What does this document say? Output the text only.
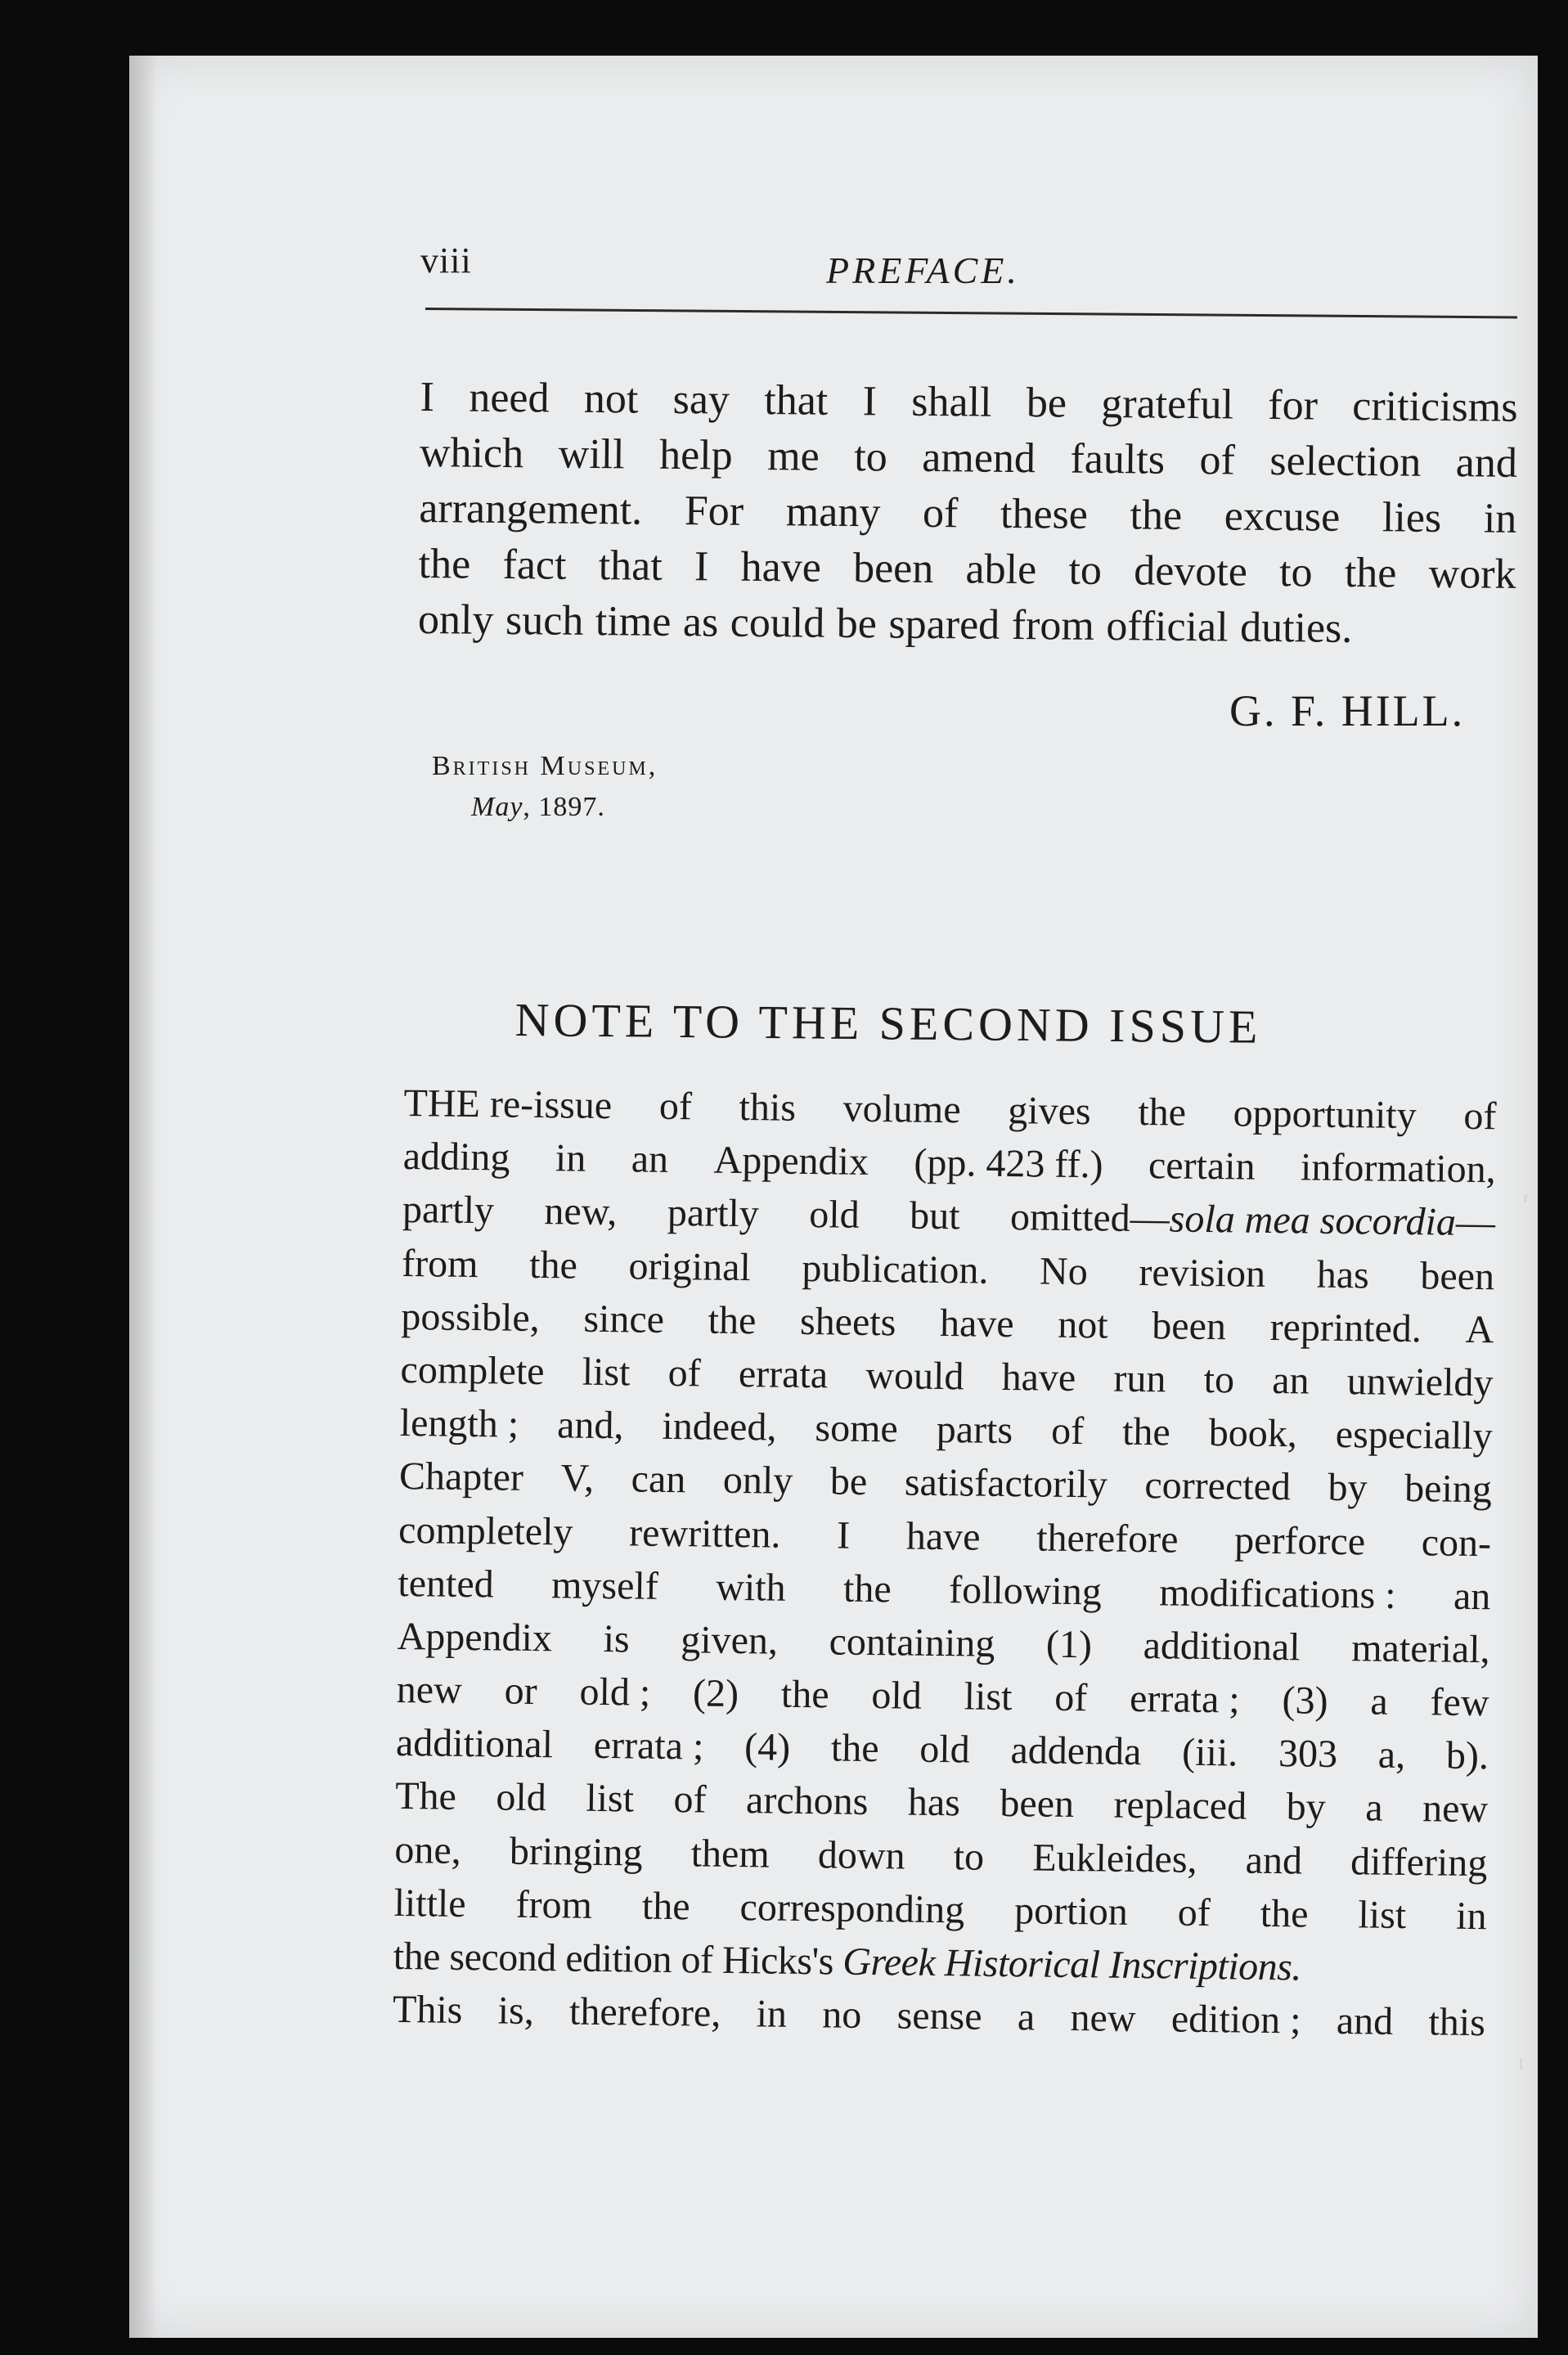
viii	PREFACE.
I need not say that I shall be grateful for criticisms
which will help me to amend faults of selection and
arrangement. For many of these the excuse lies in
the fact that I have been able to devote to the work
only such time as could be spared from official duties.
G. F. HILL.
British Museum,
May, 1897.
NOTE TO THE SECOND ISSUE
THE re-issue of this volume gives the opportunity of
adding in an Appendix (pp. 423 ff.) certain information,
partly new, partly old but omitted—sola mea socordia—
from the original publication. No revision has been
possible, since the sheets have not been reprinted. A
complete list of errata would have run to an unwieldy
length ; and, indeed, some parts of the book, especially
Chapter V, can only be satisfactorily corrected by being
completely rewritten. I have therefore perforce con-
tented myself with the following modifications : an
Appendix is given, containing (1) additional material,
new or old ; (2) the old list of errata ; (3) a few
additional errata ; (4) the old addenda (iii. 303 a, b).
The old list of archons has been replaced by a new
one, bringing them down to Eukleides, and differing
little from the corresponding portion of the list in
the second edition of Hicks's Greek Historical Inscriptions.
This is, therefore, in no sense a new edition ; and this
